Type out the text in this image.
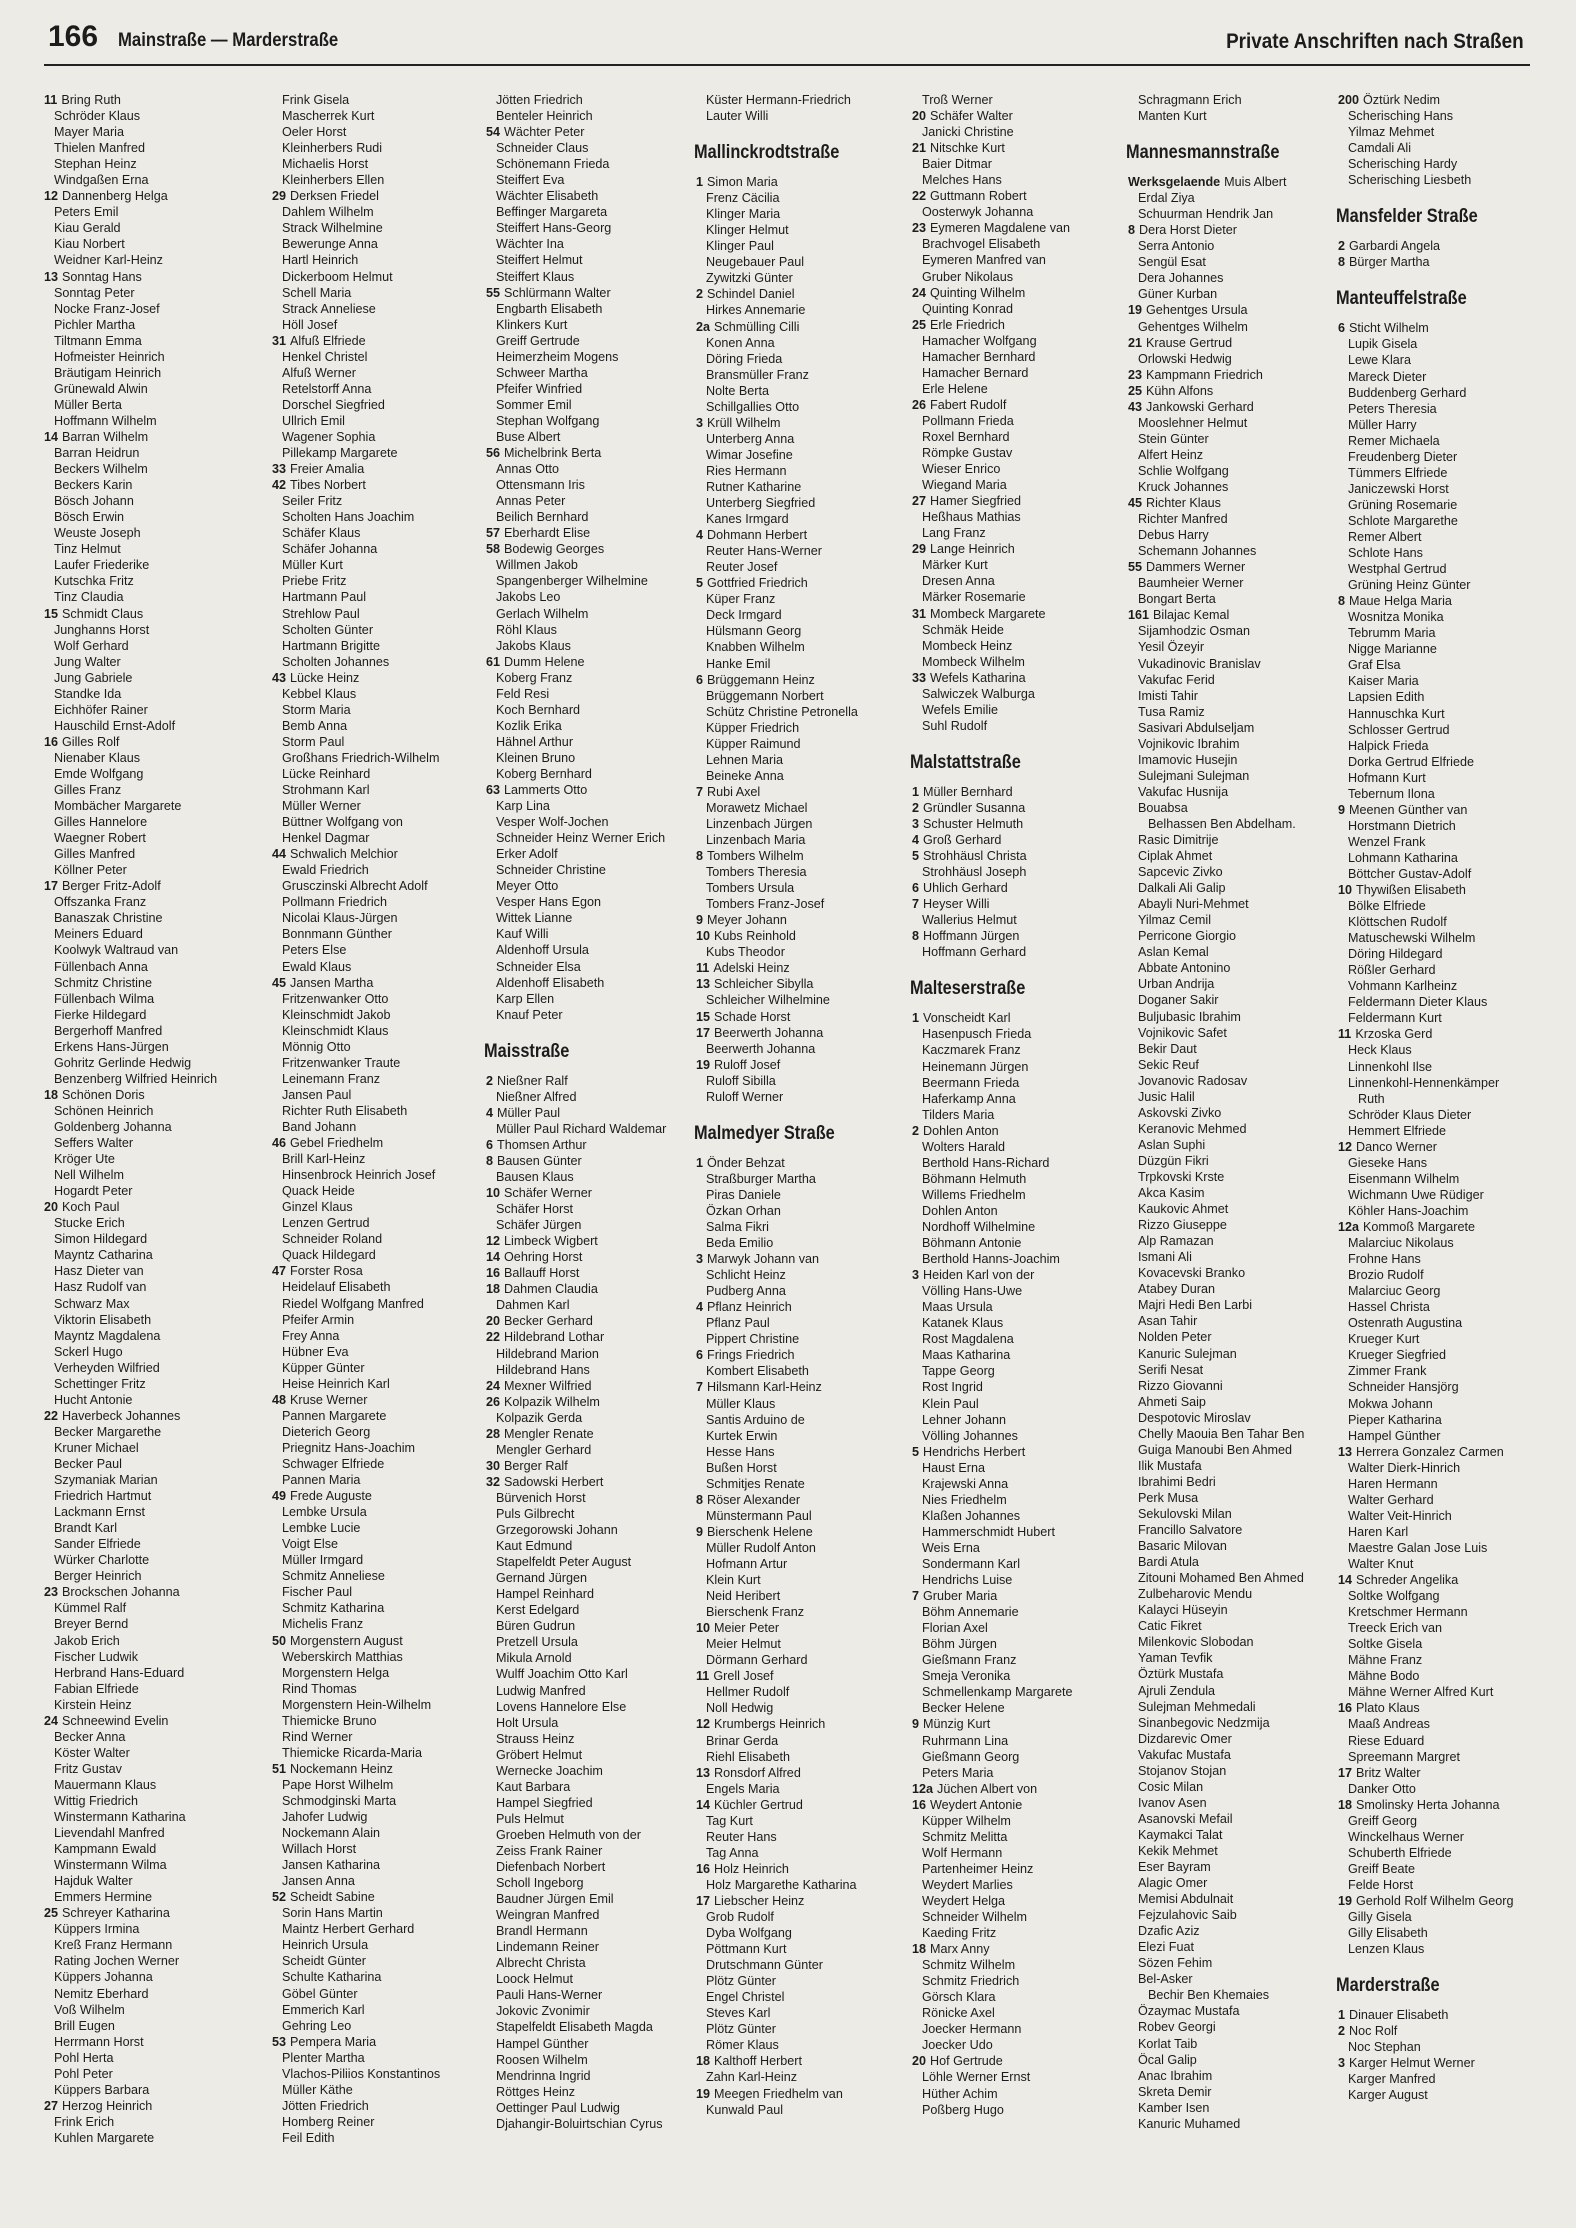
166 Mainstraße — Marderstraße	Private Anschriften nach Straßen
11 Bring Ruth
Schröder Klaus
Mayer Maria
Thielen Manfred
Stephan Heinz
Windgaßen Erna
12 Dannenberg Helga
Peters Emil
Kiau Gerald
Kiau Norbert
Weidner Karl-Heinz
13 Sonntag Hans
Sonntag Peter
Nocke Franz-Josef
Pichler Martha
Tiltmann Emma
Hofmeister Heinrich
Bräutigam Heinrich
Grünewald Alwin
Müller Berta
Hoffmann Wilhelm
14 Barran Wilhelm
Barran Heidrun
Beckers Wilhelm
Beckers Karin
Bösch Johann
Bösch Erwin
Weuste Joseph
Tinz Helmut
Laufer Friederike
Kutschka Fritz
Tinz Claudia
15 Schmidt Claus
Junghanns Horst
Wolf Gerhard
Jung Walter
Jung Gabriele
Standke Ida
Eichhöfer Rainer
Hauschild Ernst-Adolf
16 Gilles Rolf
Nienaber Klaus
Emde Wolfgang
Gilles Franz
Mombächer Margarete
Gilles Hannelore
Waegner Robert
Gilles Manfred
Köllner Peter
17 Berger Fritz-Adolf
Offszanka Franz
Banaszak Christine
Meiners Eduard
Koolwyk Waltraud van
Füllenbach Anna
Schmitz Christine
Füllenbach Wilma
Fierke Hildegard
Bergerhoff Manfred
Erkens Hans-Jürgen
Gohritz Gerlinde Hedwig
Benzenberg Wilfried Heinrich
18 Schönen Doris
Schönen Heinrich
Goldenberg Johanna
Seffers Walter
Kröger Ute
Nell Wilhelm
Hogardt Peter
20 Koch Paul
Stucke Erich
Simon Hildegard
Mayntz Catharina
Hasz Dieter van
Hasz Rudolf van
Schwarz Max
Viktorin Elisabeth
Mayntz Magdalena
Sckerl Hugo
Verheyden Wilfried
Schettinger Fritz
Hucht Antonie
22 Haverbeck Johannes
Becker Margarethe
Kruner Michael
Becker Paul
Szymaniak Marian
Friedrich Hartmut
Lackmann Ernst
Brandt Karl
Sander Elfriede
Würker Charlotte
Berger Heinrich
23 Brockschen Johanna
Kümmel Ralf
Breyer Bernd
Jakob Erich
Fischer Ludwik
Herbrand Hans-Eduard
Fabian Elfriede
Kirstein Heinz
24 Schneewind Evelin
Becker Anna
Köster Walter
Fritz Gustav
Mauermann Klaus
Wittig Friedrich
Winstermann Katharina
Lievendahl Manfred
Kampmann Ewald
Winstermann Wilma
Hajduk Walter
Emmers Hermine
25 Schreyer Katharina
Küppers Irmina
Kreß Franz Hermann
Rating Jochen Werner
Küppers Johanna
Nemitz Eberhard
Voß Wilhelm
Brill Eugen
Herrmann Horst
Pohl Herta
Pohl Peter
Küppers Barbara
27 Herzog Heinrich
Frink Erich
Kuhlen Margarete
Frink Gisela
Mascherrek Kurt
Oeler Horst
Kleinherbers Rudi
Michaelis Horst
Kleinherbers Ellen
29 Derksen Friedel
Dahlem Wilhelm
Strack Wilhelmine
Bewerunge Anna
Hartl Heinrich
Dickerboom Helmut
Schell Maria
Strack Anneliese
Höll Josef
31 Alfuß Elfriede
Henkel Christel
Alfuß Werner
Retelstorff Anna
Dorschel Siegfried
Ullrich Emil
Wagener Sophia
Pillekamp Margarete
33 Freier Amalia
42 Tibes Norbert
Seiler Fritz
Scholten Hans Joachim
Schäfer Klaus
Schäfer Johanna
Müller Kurt
Priebe Fritz
Hartmann Paul
Strehlow Paul
Scholten Günter
Hartmann Brigitte
Scholten Johannes
43 Lücke Heinz
Kebbel Klaus
Storm Maria
Bemb Anna
Storm Paul
Großhans Friedrich-Wilhelm
Lücke Reinhard
Strohmann Karl
Müller Werner
Büttner Wolfgang von
Henkel Dagmar
44 Schwalich Melchior
Ewald Friedrich
Grusczinski Albrecht Adolf
Pollmann Friedrich
Nicolai Klaus-Jürgen
Bonnmann Günther
Peters Else
Ewald Klaus
45 Jansen Martha
Fritzenwanker Otto
Kleinschmidt Jakob
Kleinschmidt Klaus
Mönnig Otto
Fritzenwanker Traute
Leinemann Franz
Jansen Paul
Richter Ruth Elisabeth
Band Johann
46 Gebel Friedhelm
Brill Karl-Heinz
Hinsenbrock Heinrich Josef
Quack Heide
Ginzel Klaus
Lenzen Gertrud
Schneider Roland
Quack Hildegard
47 Forster Rosa
Heidelauf Elisabeth
Riedel Wolfgang Manfred
Pfeifer Armin
Frey Anna
Hübner Eva
Küpper Günter
Heise Heinrich Karl
48 Kruse Werner
Pannen Margarete
Dieterich Georg
Priegnitz Hans-Joachim
Schwager Elfriede
Pannen Maria
49 Frede Auguste
Lembke Ursula
Lembke Lucie
Voigt Else
Müller Irmgard
Schmitz Anneliese
Fischer Paul
Schmitz Katharina
Michelis Franz
50 Morgenstern August
Weberskirch Matthias
Morgenstern Helga
Rind Thomas
Morgenstern Hein-Wilhelm
Thiemicke Bruno
Rind Werner
Thiemicke Ricarda-Maria
51 Nockemann Heinz
Pape Horst Wilhelm
Schmodginski Marta
Jahofer Ludwig
Nockemann Alain
Willach Horst
Jansen Katharina
Jansen Anna
52 Scheidt Sabine
Sorin Hans Martin
Maintz Herbert Gerhard
Heinrich Ursula
Scheidt Günter
Schulte Katharina
Göbel Günter
Emmerich Karl
Gehring Leo
53 Pempera Maria
Plenter Martha
Vlachos-Piliios Konstantinos
Müller Käthe
Jötten Friedrich
Homberg Reiner
Feil Edith
Jötten Friedrich
Benteler Heinrich
54 Wächter Peter
Schneider Claus
Schönemann Frieda
Steiffert Eva
Wächter Elisabeth
Beffinger Margareta
Steiffert Hans-Georg
Wächter Ina
Steiffert Helmut
Steiffert Klaus
55 Schlürmann Walter
Engbarth Elisabeth
Klinkers Kurt
Greiff Gertrude
Heimerzheim Mogens
Schweer Martha
Pfeifer Winfried
Sommer Emil
Stephan Wolfgang
Buse Albert
56 Michelbrink Berta
Annas Otto
Ottensmann Iris
Annas Peter
Beilich Bernhard
57 Eberhardt Elise
58 Bodewig Georges
Willmen Jakob
Spangenberger Wilhelmine
Jakobs Leo
Gerlach Wilhelm
Röhl Klaus
Jakobs Klaus
61 Dumm Helene
Koberg Franz
Feld Resi
Koch Bernhard
Kozlik Erika
Hähnel Arthur
Kleinen Bruno
Koberg Bernhard
63 Lammerts Otto
Karp Lina
Vesper Wolf-Jochen
Schneider Heinz Werner Erich
Erker Adolf
Schneider Christine
Meyer Otto
Vesper Hans Egon
Wittek Lianne
Kauf Willi
Aldenhoff Ursula
Schneider Elsa
Aldenhoff Elisabeth
Karp Ellen
Knauf Peter
Maisstraße
2 Nießner Ralf
Nießner Alfred
4 Müller Paul
Müller Paul Richard Waldemar
6 Thomsen Arthur
8 Bausen Günter
Bausen Klaus
10 Schäfer Werner
Schäfer Horst
Schäfer Jürgen
12 Limbeck Wigbert
14 Oehring Horst
16 Ballauff Horst
18 Dahmen Claudia
Dahmen Karl
20 Becker Gerhard
22 Hildebrand Lothar
Hildebrand Marion
Hildebrand Hans
24 Mexner Wilfried
26 Kolpazik Wilhelm
Kolpazik Gerda
28 Mengler Renate
Mengler Gerhard
30 Berger Ralf
32 Sadowski Herbert
Bürvenich Horst
Puls Gilbrecht
Grzegorowski Johann
Kaut Edmund
Stapelfeldt Peter August
Gernand Jürgen
Hampel Reinhard
Kerst Edelgard
Büren Gudrun
Pretzell Ursula
Mikula Arnold
Wulff Joachim Otto Karl
Ludwig Manfred
Lovens Hannelore Else
Holt Ursula
Strauss Heinz
Gröbert Helmut
Wernecke Joachim
Kaut Barbara
Hampel Siegfried
Puls Helmut
Groeben Helmuth von der
Zeiss Frank Rainer
Diefenbach Norbert
Scholl Ingeborg
Baudner Jürgen Emil
Weingran Manfred
Brandl Hermann
Lindemann Reiner
Albrecht Christa
Loock Helmut
Pauli Hans-Werner
Jokovic Zvonimir
Stapelfeldt Elisabeth Magda
Hampel Günther
Roosen Wilhelm
Mendrinna Ingrid
Röttges Heinz
Oettinger Paul Ludwig
Djahangir-Boluirtschian Cyrus
Küster Hermann-Friedrich
Lauter Willi
Mallinckrodtstraße
1 Simon Maria
Frenz Cäcilia
Klinger Maria
Klinger Helmut
Klinger Paul
Neugebauer Paul
Zywitzki Günter
2 Schindel Daniel
Hirkes Annemarie
2a Schmülling Cilli
Konen Anna
Döring Frieda
Bransmüller Franz
Nolte Berta
Schillgallies Otto
3 Krüll Wilhelm
Unterberg Anna
Wimar Josefine
Ries Hermann
Rutner Katharine
Unterberg Siegfried
Kanes Irmgard
4 Dohmann Herbert
Reuter Hans-Werner
Reuter Josef
5 Gottfried Friedrich
Küper Franz
Deck Irmgard
Hülsmann Georg
Knabben Wilhelm
Hanke Emil
6 Brüggemann Heinz
Brüggemann Norbert
Schütz Christine Petronella
Küpper Friedrich
Küpper Raimund
Lehnen Maria
Beineke Anna
7 Rubi Axel
Morawetz Michael
Linzenbach Jürgen
Linzenbach Maria
8 Tombers Wilhelm
Tombers Theresia
Tombers Ursula
Tombers Franz-Josef
9 Meyer Johann
10 Kubs Reinhold
Kubs Theodor
11 Adelski Heinz
13 Schleicher Sibylla
Schleicher Wilhelmine
15 Schade Horst
17 Beerwerth Johanna
Beerwerth Johanna
19 Ruloff Josef
Ruloff Sibilla
Ruloff Werner
Malmedyer Straße
1 Önder Behzat
Straßburger Martha
Piras Daniele
Özkan Orhan
Salma Fikri
Beda Emilio
3 Marwyk Johann van
Schlicht Heinz
Pudberg Anna
4 Pflanz Heinrich
Pflanz Paul
Pippert Christine
6 Frings Friedrich
Kombert Elisabeth
7 Hilsmann Karl-Heinz
Müller Klaus
Santis Arduino de
Kurtek Erwin
Hesse Hans
Bußen Horst
Schmitjes Renate
8 Röser Alexander
Münstermann Paul
9 Bierschenk Helene
Müller Rudolf Anton
Hofmann Artur
Klein Kurt
Neid Heribert
Bierschenk Franz
10 Meier Peter
Meier Helmut
Dörmann Gerhard
11 Grell Josef
Hellmer Rudolf
Noll Hedwig
12 Krumbergs Heinrich
Brinar Gerda
Riehl Elisabeth
13 Ronsdorf Alfred
Engels Maria
14 Küchler Gertrud
Tag Kurt
Reuter Hans
Tag Anna
16 Holz Heinrich
Holz Margarethe Katharina
17 Liebscher Heinz
Grob Rudolf
Dyba Wolfgang
Pöttmann Kurt
Drutschmann Günter
Plötz Günter
Engel Christel
Steves Karl
Plötz Günter
Römer Klaus
18 Kalthoff Herbert
Zahn Karl-Heinz
19 Meegen Friedhelm van
Kunwald Paul
Troß Werner
20 Schäfer Walter
Janicki Christine
21 Nitschke Kurt
Baier Ditmar
Melches Hans
22 Guttmann Robert
Oosterwyk Johanna
23 Eymeren Magdalene van
Brachvogel Elisabeth
Eymeren Manfred van
Gruber Nikolaus
24 Quinting Wilhelm
Quinting Konrad
25 Erle Friedrich
Hamacher Wolfgang
Hamacher Bernhard
Hamacher Bernard
Erle Helene
26 Fabert Rudolf
Pollmann Frieda
Roxel Bernhard
Römpke Gustav
Wieser Enrico
Wiegand Maria
27 Hamer Siegfried
Heßhaus Mathias
Lang Franz
29 Lange Heinrich
Märker Kurt
Dresen Anna
Märker Rosemarie
31 Mombeck Margarete
Schmäk Heide
Mombeck Heinz
Mombeck Wilhelm
33 Wefels Katharina
Salwiczek Walburga
Wefels Emilie
Suhl Rudolf
Malstattstraße
1 Müller Bernhard
2 Gründler Susanna
3 Schuster Helmuth
4 Groß Gerhard
5 Strohhäusl Christa
Strohhäusl Joseph
6 Uhlich Gerhard
7 Heyser Willi
Wallerius Helmut
8 Hoffmann Jürgen
Hoffmann Gerhard
Malteserstraße
1 Vonscheidt Karl
Hasenpusch Frieda
Kaczmarek Franz
Heinemann Jürgen
Beermann Frieda
Haferkamp Anna
Tilders Maria
2 Dohlen Anton
Wolters Harald
Berthold Hans-Richard
Böhmann Helmuth
Willems Friedhelm
Dohlen Anton
Nordhoff Wilhelmine
Böhmann Antonie
Berthold Hanns-Joachim
3 Heiden Karl von der
Völling Hans-Uwe
Maas Ursula
Katanek Klaus
Rost Magdalena
Maas Katharina
Tappe Georg
Rost Ingrid
Klein Paul
Lehner Johann
Völling Johannes
5 Hendrichs Herbert
Haust Erna
Krajewski Anna
Nies Friedhelm
Klaßen Johannes
Hammerschmidt Hubert
Weis Erna
Sondermann Karl
Hendrichs Luise
7 Gruber Maria
Böhm Annemarie
Florian Axel
Böhm Jürgen
Gießmann Franz
Smeja Veronika
Schmellenkamp Margarete
Becker Helene
9 Münzig Kurt
Ruhrmann Lina
Gießmann Georg
Peters Maria
12a Jüchen Albert von
16 Weydert Antonie
Küpper Wilhelm
Schmitz Melitta
Wolf Hermann
Partenheimer Heinz
Weydert Marlies
Weydert Helga
Schneider Wilhelm
Kaeding Fritz
18 Marx Anny
Schmitz Wilhelm
Schmitz Friedrich
Görsch Klara
Rönicke Axel
Joecker Hermann
Joecker Udo
20 Hof Gertrude
Löhle Werner Ernst
Hüther Achim
Poßberg Hugo
Schragmann Erich
Manten Kurt
Mannesmannstraße
Werksgelaende Muis Albert
Erdal Ziya
Schuurman Hendrik Jan
8 Dera Horst Dieter
Serra Antonio
Sengül Esat
Dera Johannes
Güner Kurban
19 Gehentges Ursula
Gehentges Wilhelm
21 Krause Gertrud
Orlowski Hedwig
23 Kampmann Friedrich
25 Kühn Alfons
43 Jankowski Gerhard
Mooslehner Helmut
Stein Günter
Alfert Heinz
Schlie Wolfgang
Kruck Johannes
45 Richter Klaus
Richter Manfred
Debus Harry
Schemann Johannes
55 Dammers Werner
Baumheier Werner
Bongart Berta
161 Bilajac Kemal
Sijamhodzic Osman
Yesil Özeyir
Vukadinovic Branislav
Vakufac Ferid
Imisti Tahir
Tusa Ramiz
Sasivari Abdulseljam
Vojnikovic Ibrahim
Imamovic Husejin
Sulejmani Sulejman
Vakufac Husnija
Bouabsa
Belhassen Ben Abdelham.
Rasic Dimitrije
Ciplak Ahmet
Sapcevic Zivko
Dalkali Ali Galip
Abayli Nuri-Mehmet
Yilmaz Cemil
Perricone Giorgio
Aslan Kemal
Abbate Antonino
Urban Andrija
Doganer Sakir
Buljubasic Ibrahim
Vojnikovic Safet
Bekir Daut
Sekic Reuf
Jovanovic Radosav
Jusic Halil
Askovski Zivko
Keranovic Mehmed
Aslan Suphi
Düzgün Fikri
Trpkovski Krste
Akca Kasim
Kaukovic Ahmet
Rizzo Giuseppe
Alp Ramazan
Ismani Ali
Kovacevski Branko
Atabey Duran
Majri Hedi Ben Larbi
Asan Tahir
Nolden Peter
Kanuric Sulejman
Serifi Nesat
Rizzo Giovanni
Ahmeti Saip
Despotovic Miroslav
Chelly Maouia Ben Tahar Ben
Guiga Manoubi Ben Ahmed
Ilik Mustafa
Ibrahimi Bedri
Perk Musa
Sekulovski Milan
Francillo Salvatore
Basaric Milovan
Bardi Atula
Zitouni Mohamed Ben Ahmed
Zulbeharovic Mendu
Kalayci Hüseyin
Catic Fikret
Milenkovic Slobodan
Yaman Tevfik
Öztürk Mustafa
Ajruli Zendula
Sulejman Mehmedali
Sinanbegovic Nedzmija
Dizdarevic Omer
Vakufac Mustafa
Stojanov Stojan
Cosic Milan
Ivanov Asen
Asanovski Mefail
Kaymakci Talat
Kekik Mehmet
Eser Bayram
Alagic Omer
Memisi Abdulnait
Fejzulahovic Saib
Dzafic Aziz
Elezi Fuat
Sözen Fehim
Bel-Asker
Bechir Ben Khemaies
Özaymac Mustafa
Robev Georgi
Korlat Taib
Öcal Galip
Anac Ibrahim
Skreta Demir
Kamber Isen
Kanuric Muhamed
200 Öztürk Nedim
Scherisching Hans
Yilmaz Mehmet
Camdali Ali
Scherisching Hardy
Scherisching Liesbeth
Mansfelder Straße
2 Garbardi Angela
8 Bürger Martha
Manteuffelstraße
6 Sticht Wilhelm
Lupik Gisela
Lewe Klara
Mareck Dieter
Buddenberg Gerhard
Peters Theresia
Müller Harry
Remer Michaela
Freudenberg Dieter
Tümmers Elfriede
Janiczewski Horst
Grüning Rosemarie
Schlote Margarethe
Remer Albert
Schlote Hans
Westphal Gertrud
Grüning Heinz Günter
8 Maue Helga Maria
Wosnitza Monika
Tebrumm Maria
Nigge Marianne
Graf Elsa
Kaiser Maria
Lapsien Edith
Hannuschka Kurt
Schlosser Gertrud
Halpick Frieda
Dorka Gertrud Elfriede
Hofmann Kurt
Tebernum Ilona
9 Meenen Günther van
Horstmann Dietrich
Wenzel Frank
Lohmann Katharina
Böttcher Gustav-Adolf
10 Thywißen Elisabeth
Bölke Elfriede
Klöttschen Rudolf
Matuschewski Wilhelm
Döring Hildegard
Rößler Gerhard
Vohmann Karlheinz
Feldermann Dieter Klaus
Feldermann Kurt
11 Krzoska Gerd
Heck Klaus
Linnenkohl Ilse
Linnenkohl-Hennenkämper
Ruth
Schröder Klaus Dieter
Hemmert Elfriede
12 Danco Werner
Gieseke Hans
Eisenmann Wilhelm
Wichmann Uwe Rüdiger
Köhler Hans-Joachim
12a Kommoß Margarete
Malarciuc Nikolaus
Frohne Hans
Brozio Rudolf
Malarciuc Georg
Hassel Christa
Ostenrath Augustina
Krueger Kurt
Krueger Siegfried
Zimmer Frank
Schneider Hansjörg
Mokwa Johann
Pieper Katharina
Hampel Günther
13 Herrera Gonzalez Carmen
Walter Dierk-Hinrich
Haren Hermann
Walter Gerhard
Walter Veit-Hinrich
Haren Karl
Maestre Galan Jose Luis
Walter Knut
14 Schreder Angelika
Soltke Wolfgang
Kretschmer Hermann
Treeck Erich van
Soltke Gisela
Mähne Franz
Mähne Bodo
Mähne Werner Alfred Kurt
16 Plato Klaus
Maaß Andreas
Riese Eduard
Spreemann Margret
17 Britz Walter
Danker Otto
18 Smolinsky Herta Johanna
Greiff Georg
Winckelhaus Werner
Schuberth Elfriede
Greiff Beate
Felde Horst
19 Gerhold Rolf Wilhelm Georg
Gilly Gisela
Gilly Elisabeth
Lenzen Klaus
Marderstraße
1 Dinauer Elisabeth
2 Noc Rolf
Noc Stephan
3 Karger Helmut Werner
Karger Manfred
Karger August
